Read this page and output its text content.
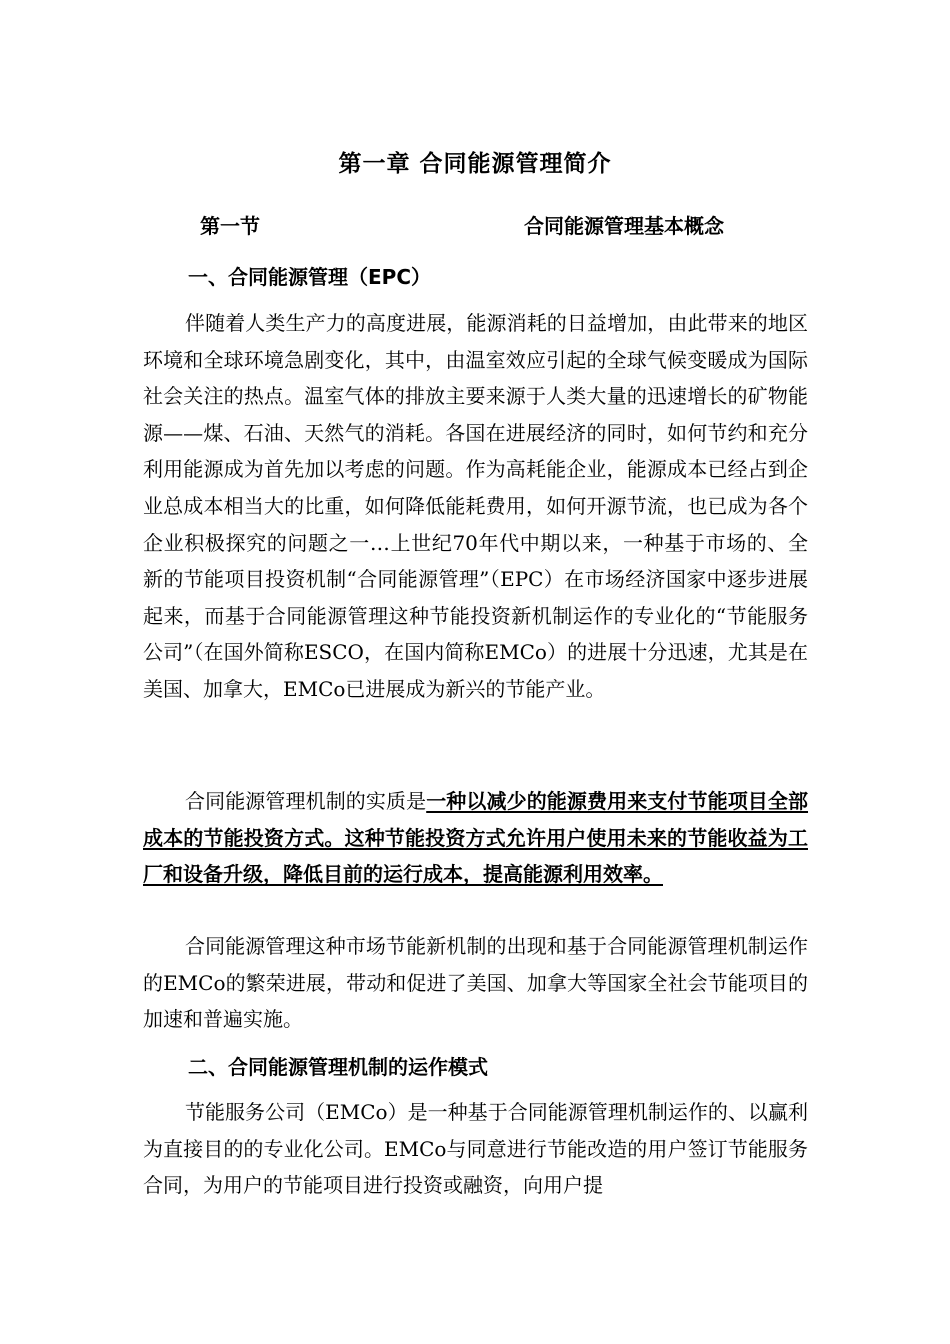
第一章 合同能源管理简介
第一节	合同能源管理基本概念
一、合同能源管理（EPC）

伴随着人类生产力的高度进展，能源消耗的日益增加，由此带来的地区环境和全球环境急剧变化，其中，由温室效应引起的全球气候变暖成为国际社会关注的热点。温室气体的排放主要来源于人类大量的迅速增长的矿物能源——煤、石油、天然气的消耗。各国在进展经济的同时，如何节约和充分利用能源成为首先加以考虑的问题。作为高耗能企业，能源成本已经占到企业总成本相当大的比重，如何降低能耗费用，如何开源节流，也已成为各个企业积极探究的问题之一…上世纪70年代中期以来，一种基于市场的、全新的节能项目投资机制“合同能源管理”（EPC）在市场经济国家中逐步进展起来，而基于合同能源管理这种节能投资新机制运作的专业化的“节能服务公司”（在国外简称ESCO，在国内简称EMCo）的进展十分迅速，尤其是在美国、加拿大，EMCo已进展成为新兴的节能产业。

合同能源管理机制的实质是一种以减少的能源费用来支付节能项目全部成本的节能投资方式。这种节能投资方式允许用户使用未来的节能收益为工厂和设备升级，降低目前的运行成本，提高能源利用效率。

合同能源管理这种市场节能新机制的出现和基于合同能源管理机制运作的EMCo的繁荣进展，带动和促进了美国、加拿大等国家全社会节能项目的加速和普遍实施。

二、合同能源管理机制的运作模式

节能服务公司（EMCo）是一种基于合同能源管理机制运作的、以赢利为直接目的的专业化公司。EMCo与同意进行节能改造的用户签订节能服务合同，为用户的节能项目进行投资或融资，向用户提
